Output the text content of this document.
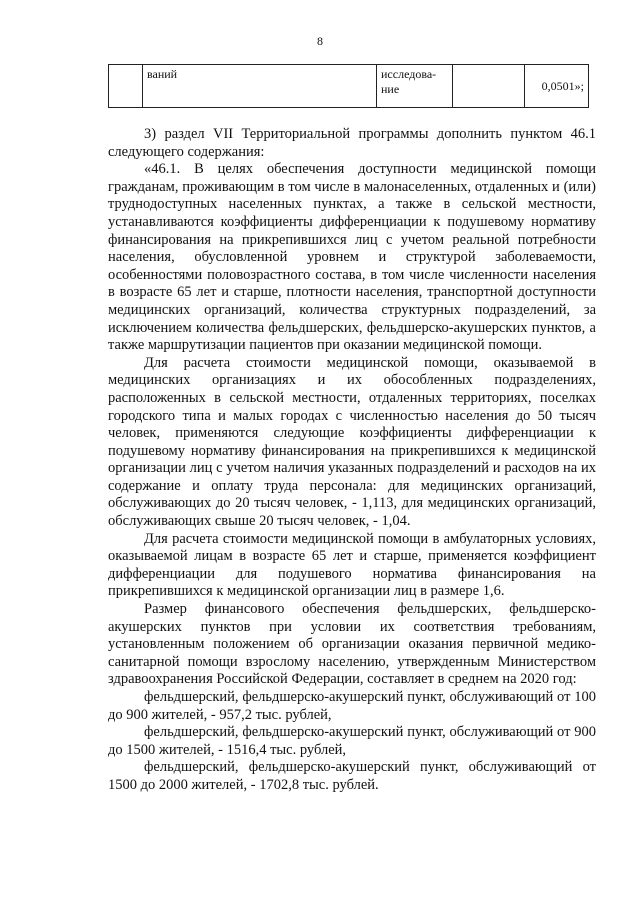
8
	ваний	исследова-ние		0,0501»;

3) раздел VII Территориальной программы дополнить пунктом 46.1 следующего содержания:

«46.1. В целях обеспечения доступности медицинской помощи гражданам, проживающим в том числе в малонаселенных, отдаленных и (или) труднодоступных населенных пунктах, а также в сельской местности, устанавливаются коэффициенты дифференциации к подушевому нормативу финансирования на прикрепившихся лиц с учетом реальной потребности населения, обусловленной уровнем и структурой заболеваемости, особенностями половозрастного состава, в том числе численности населения в возрасте 65 лет и старше, плотности населения, транспортной доступности медицинских организаций, количества структурных подразделений, за исключением количества фельдшерских, фельдшерско-акушерских пунктов, а также маршрутизации пациентов при оказании медицинской помощи.

Для расчета стоимости медицинской помощи, оказываемой в медицинских организациях и их обособленных подразделениях, расположенных в сельской местности, отдаленных территориях, поселках городского типа и малых городах с численностью населения до 50 тысяч человек, применяются следующие коэффициенты дифференциации к подушевому нормативу финансирования на прикрепившихся к медицинской организации лиц с учетом наличия указанных подразделений и расходов на их содержание и оплату труда персонала: для медицинских организаций, обслуживающих до 20 тысяч человек, - 1,113, для медицинских организаций, обслуживающих свыше 20 тысяч человек, - 1,04.

Для расчета стоимости медицинской помощи в амбулаторных условиях, оказываемой лицам в возрасте 65 лет и старше, применяется коэффициент дифференциации для подушевого норматива финансирования на прикрепившихся к медицинской организации лиц в размере 1,6.

Размер финансового обеспечения фельдшерских, фельдшерско-акушерских пунктов при условии их соответствия требованиям, установленным положением об организации оказания первичной медико-санитарной помощи взрослому населению, утвержденным Министерством здравоохранения Российской Федерации, составляет в среднем на 2020 год:

фельдшерский, фельдшерско-акушерский пункт, обслуживающий от 100 до 900 жителей, - 957,2 тыс. рублей,

фельдшерский, фельдшерско-акушерский пункт, обслуживающий от 900 до 1500 жителей, - 1516,4 тыс. рублей,

фельдшерский, фельдшерско-акушерский пункт, обслуживающий от 1500 до 2000 жителей, - 1702,8 тыс. рублей.
